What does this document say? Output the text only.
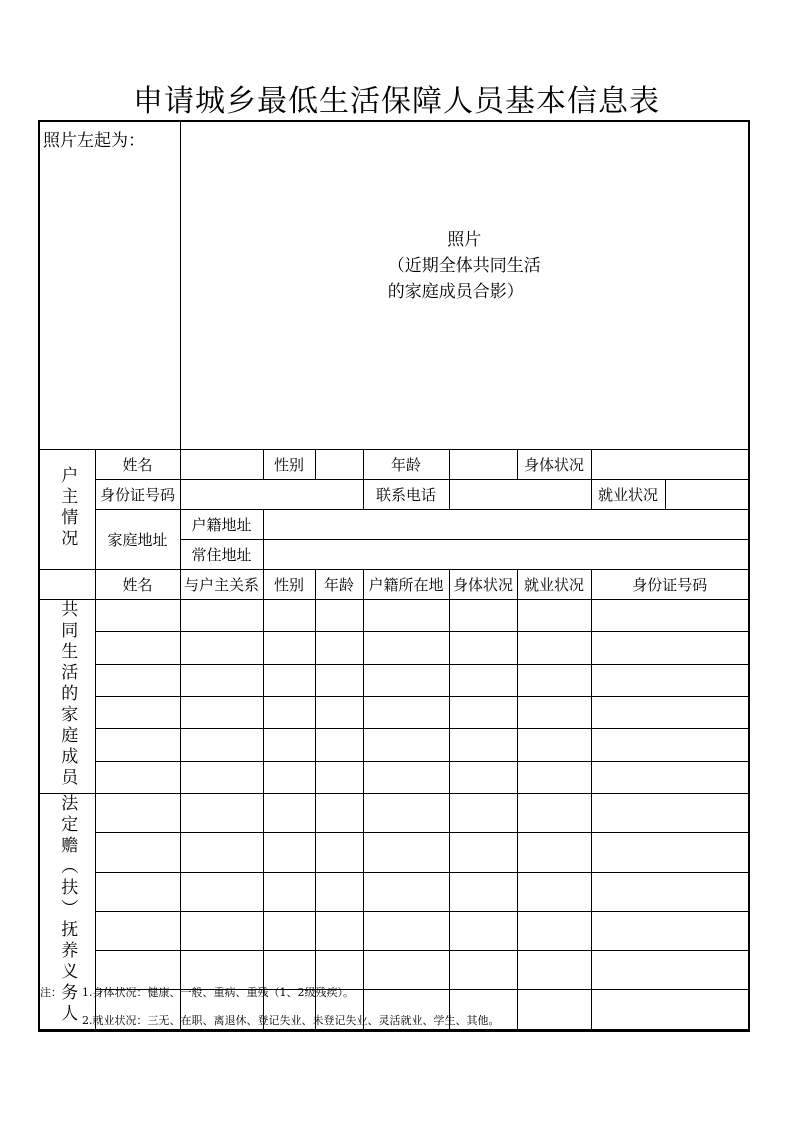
申请城乡最低生活保障人员基本信息表
照片左起为：		照片
（近期全体共同生活
的家庭成员合影）							

户主情况	姓名		性别		年龄		身体状况		
	身份证号码				联系电话			就业状况	
	家庭地址	户籍地址							
		常住地址							
	姓名	与户主关系	性别	年龄	户籍所在地	身体状况	就业状况	身份证号码	
共同生活的家庭成员									

法定赡（扶）抚养义务人									

注： 1.身体状况：健康、一般、重病、重残（1、2级残疾）。
2.就业状况：三无、在职、离退休、登记失业、未登记失业、灵活就业、学生、其他。
